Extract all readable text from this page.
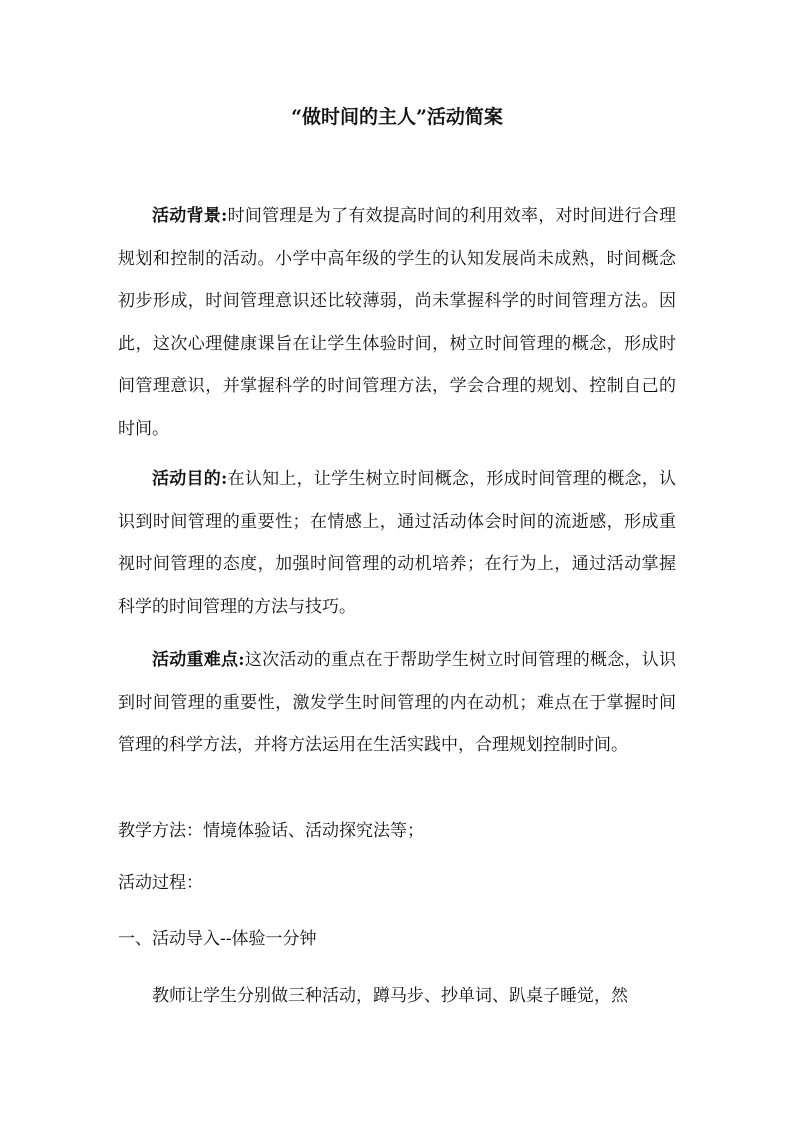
“做时间的主人”活动简案

活动背景:时间管理是为了有效提高时间的利用效率，对时间进行合理规划和控制的活动。小学中高年级的学生的认知发展尚未成熟，时间概念初步形成，时间管理意识还比较薄弱，尚未掌握科学的时间管理方法。因此，这次心理健康课旨在让学生体验时间，树立时间管理的概念，形成时间管理意识，并掌握科学的时间管理方法，学会合理的规划、控制自己的时间。

活动目的:在认知上，让学生树立时间概念，形成时间管理的概念，认识到时间管理的重要性；在情感上，通过活动体会时间的流逝感，形成重视时间管理的态度，加强时间管理的动机培养；在行为上，通过活动掌握科学的时间管理的方法与技巧。

活动重难点:这次活动的重点在于帮助学生树立时间管理的概念，认识到时间管理的重要性，激发学生时间管理的内在动机；难点在于掌握时间管理的科学方法，并将方法运用在生活实践中，合理规划控制时间。

教学方法：情境体验话、活动探究法等；

活动过程：

一、活动导入--体验一分钟

教师让学生分别做三种活动，蹲马步、抄单词、趴桌子睡觉，然
